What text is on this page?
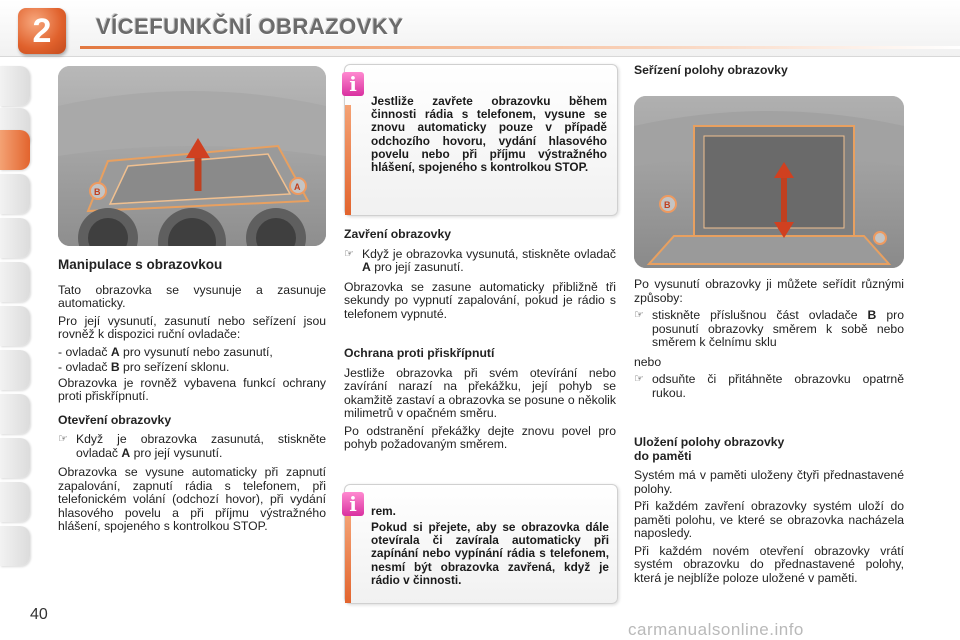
2	VÍCEFUNKČNÍ OBRAZOVKY
B	A
B
Manipulace s obrazovkou

Tato obrazovka se vysunuje a zasunuje automaticky.

Pro její vysunutí, zasunutí nebo seřízení jsou rovněž k dispozici ruční ovladače:

- ovladač A pro vysunutí nebo zasunutí,
- ovladač B pro seřízení sklonu.

Obrazovka je rovněž vybavena funkcí ochrany proti přiskřípnutí.

Otevření obrazovky
☞ Když je obrazovka zasunutá, stiskněte ovladač A pro její vysunutí.

Obrazovka se vysune automaticky při zapnutí zapalování, zapnutí rádia s telefonem, při telefonickém volání (odchozí hovor), při vydání hlasového povelu a při příjmu výstražného hlášení, spojeného s kontrolkou STOP.

Jestliže zavřete obrazovku během činnosti rádia s telefonem, vysune se znovu automaticky pouze v případě odchozího hovoru, vydání hlasového povelu nebo při příjmu výstražného hlášení, spojeného s kontrolkou STOP.
i
Zavření obrazovky
☞ Když je obrazovka vysunutá, stiskněte ovladač A pro její zasunutí.

Obrazovka se zasune automaticky přibližně tři sekundy po vypnutí zapalování, pokud je rádio s telefonem vypnuté.

Ochrana proti přiskřípnutí

Jestliže obrazovka při svém otevírání nebo zavírání narazí na překážku, její pohyb se okamžitě zastaví a obrazovka se posune o několik milimetrů v opačném směru.

Po odstranění překážky dejte znovu povel pro pohyb požadovaným směrem.

rem.
Pokud si přejete, aby se obrazovka dále otevírala či zavírala automaticky při zapínání nebo vypínání rádia s telefonem, nesmí být obrazovka zavřená, když je rádio v činnosti.
i
Seřízení polohy obrazovky

Po vysunutí obrazovky ji můžete seřídit různými způsoby:

☞ stiskněte příslušnou část ovladače B pro posunutí obrazovky směrem k sobě nebo směrem k čelnímu sklu

nebo

☞ odsuňte či přitáhněte obrazovku opatrně rukou.
Uložení polohy obrazovky
do paměti

Systém má v paměti uloženy čtyři přednastavené polohy.

Při každém zavření obrazovky systém uloží do paměti polohu, ve které se obrazovka nacházela naposledy.

Při každém novém otevření obrazovky vrátí systém obrazovku do přednastavené polohy, která je nejblíže poloze uložené v paměti.

40
carmanualsonline.info
